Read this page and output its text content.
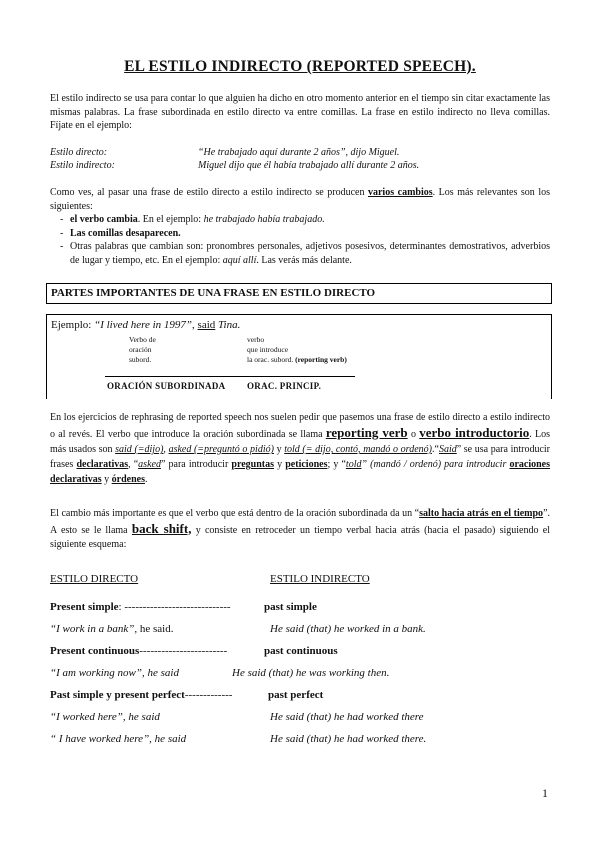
EL ESTILO INDIRECTO (REPORTED SPEECH).
El estilo indirecto se usa para contar lo que alguien ha dicho en otro momento anterior en el tiempo sin citar exactamente las mismas palabras. La frase subordinada en estilo directo va entre comillas. La frase en estilo indirecto no lleva comillas. Fíjate en el ejemplo:
Estilo directo:	“He trabajado aquí durante 2 años”, dijo Miguel.
Estilo indirecto:	Miguel dijo que él había trabajado allí durante 2 años.
Como ves, al pasar una frase de estilo directo a estilo indirecto se producen varios cambios. Los más relevantes son los siguientes:
- el verbo cambia. En el ejemplo: he trabajado había trabajado.
- Las comillas desaparecen.
- Otras palabras que cambian son: pronombres personales, adjetivos posesivos, determinantes demostrativos, adverbios de lugar y tiempo, etc. En el ejemplo: aquí allí. Las verás más delante.
PARTES IMPORTANTES DE UNA FRASE EN ESTILO DIRECTO
Ejemplo: “I lived here in 1997”, said Tina.
Verbo de
oración
subord.
verbo
que introduce
la orac. subord. (reporting verb)
ORACIÓN SUBORDINADA ORAC. PRINCIP.
En los ejercicios de rephrasing de reported speech nos suelen pedir que pasemos una frase de estilo directo a estilo indirecto o al revés. El verbo que introduce la oración subordinada se llama reporting verb o verbo introductorio. Los más usados son said (=dijo), asked (=preguntó o pidió) y told (= dijo, contó, mandó o ordenó).“Said” se usa para introducir frases declarativas, “asked” para introducir preguntas y peticiones; y “told” (mandó / ordenó) para introducir oraciones declarativas y órdenes.
El cambio más importante es que el verbo que está dentro de la oración subordinada da un “salto hacia atrás en el tiempo”. A esto se le llama back shift, y consiste en retroceder un tiempo verbal hacia atrás (hacia el pasado) siguiendo el siguiente esquema:
ESTILO DIRECTO	ESTILO INDIRECTO
Present simple: -----------------------------	past simple
“I work in a bank”, he said.	He said (that) he worked in a bank.
Present continuous------------------------	past continuous
“I am working now”, he said	He said (that) he was working then.
Past simple y present perfect-------------	past perfect
“I worked here”, he said	He said (that) he had worked there
“ I have worked here”, he said	He said (that) he had worked there.
1
